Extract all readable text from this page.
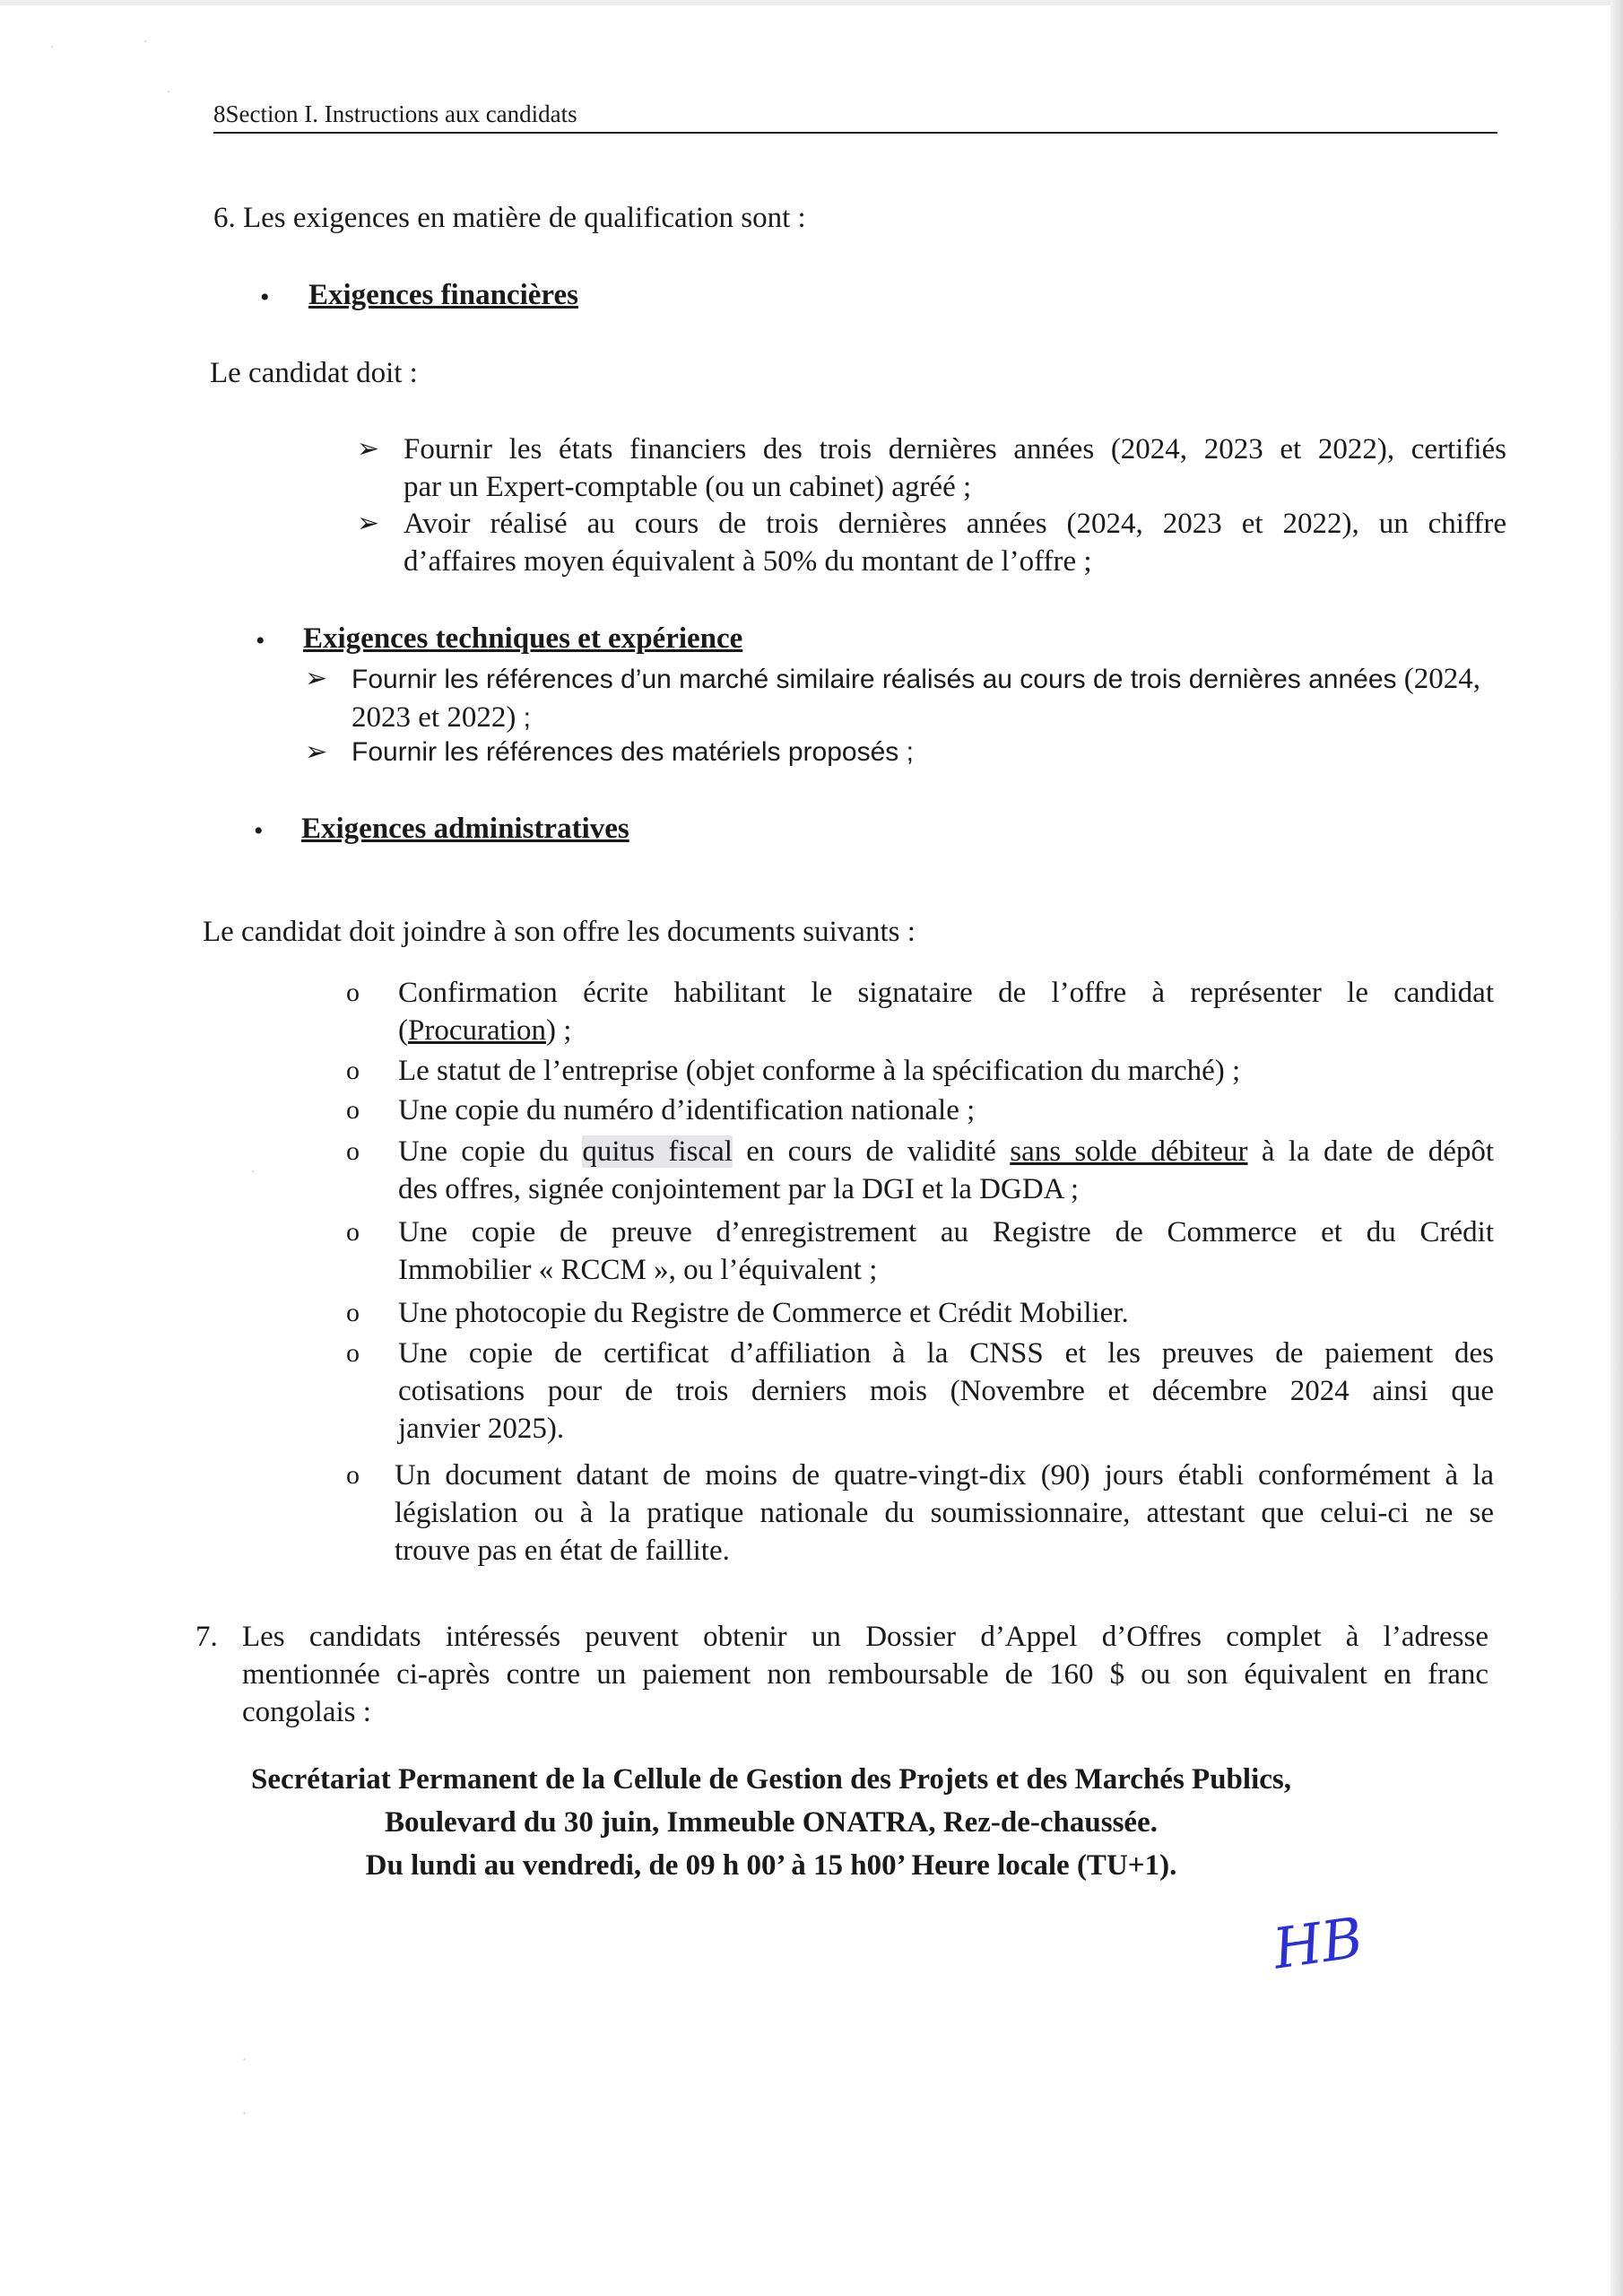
8Section I. Instructions aux candidats
6. Les exigences en matière de qualification sont :
• Exigences financières
Le candidat doit :
➢ Fournir les états financiers des trois dernières années (2024, 2023 et 2022), certifiés
par un Expert-comptable (ou un cabinet) agréé ;
➢ Avoir réalisé au cours de trois dernières années (2024, 2023 et 2022), un chiffre
d’affaires moyen équivalent à 50% du montant de l’offre ;
• Exigences techniques et expérience
➢ Fournir les références d’un marché similaire réalisés au cours de trois dernières années (2024,
2023 et 2022) ;
➢ Fournir les références des matériels proposés ;
• Exigences administratives
Le candidat doit joindre à son offre les documents suivants :
o Confirmation écrite habilitant le signataire de l’offre à représenter le candidat
(Procuration) ;
o Le statut de l’entreprise (objet conforme à la spécification du marché) ;
o Une copie du numéro d’identification nationale ;
o Une copie du quitus fiscal en cours de validité sans solde débiteur à la date de dépôt
des offres, signée conjointement par la DGI et la DGDA ;
o Une copie de preuve d’enregistrement au Registre de Commerce et du Crédit
Immobilier « RCCM », ou l’équivalent ;
o Une photocopie du Registre de Commerce et Crédit Mobilier.
o Une copie de certificat d’affiliation à la CNSS et les preuves de paiement des
cotisations pour de trois derniers mois (Novembre et décembre 2024 ainsi que
janvier 2025).
o Un document datant de moins de quatre-vingt-dix (90) jours établi conformément à la
législation ou à la pratique nationale du soumissionnaire, attestant que celui-ci ne se
trouve pas en état de faillite.
7. Les candidats intéressés peuvent obtenir un Dossier d’Appel d’Offres complet à l’adresse
mentionnée ci-après contre un paiement non remboursable de 160 $ ou son équivalent en franc
congolais :
Secrétariat Permanent de la Cellule de Gestion des Projets et des Marchés Publics,
Boulevard du 30 juin, Immeuble ONATRA, Rez-de-chaussée.
Du lundi au vendredi, de 09 h 00’ à 15 h00’ Heure locale (TU+1).
HB
·	·
·
·
·
·
